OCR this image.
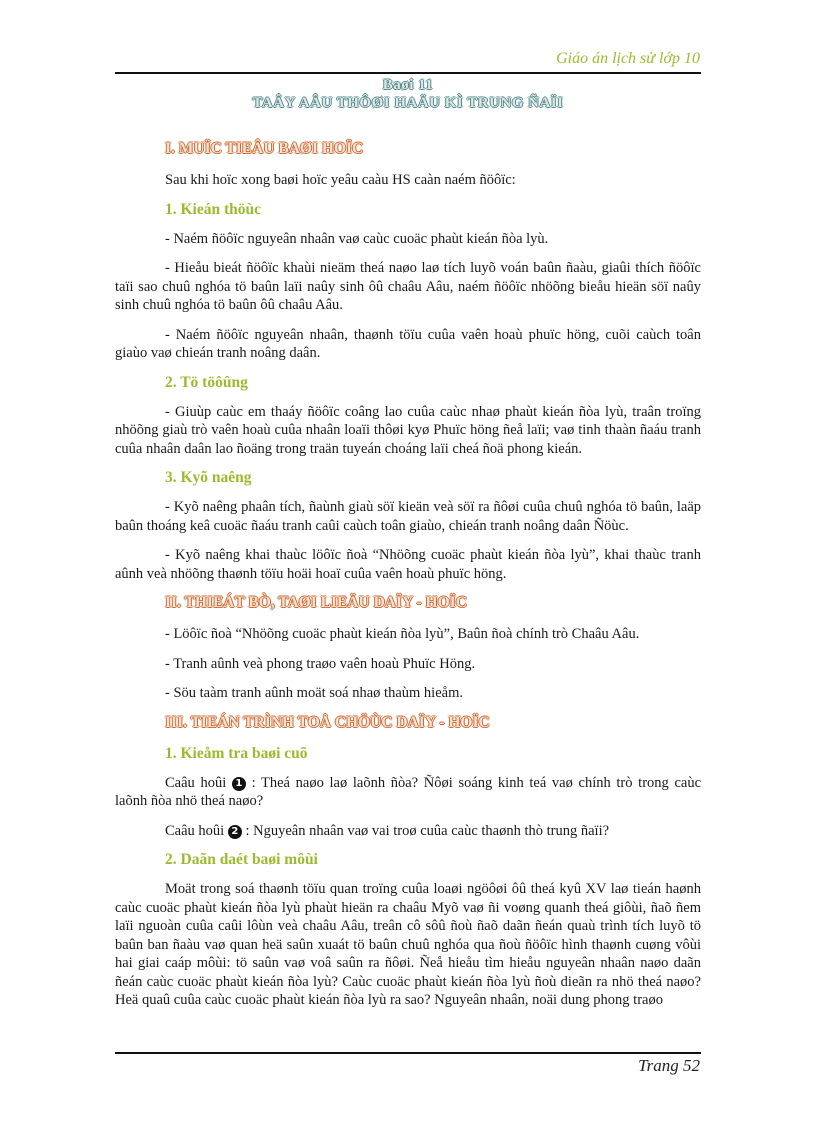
Giáo án lịch sử lớp 10
Baøi 11
TAÂY AÂU THÔØI HAÄU KÌ TRUNG ÑAÏI
I. MUÏC TIEÂU BAØI HOÏC

Sau khi hoïc xong baøi hoïc yeâu caàu HS caàn naém ñöôïc:

1. Kieán thöùc

- Naém ñöôïc nguyeân nhaân vaø caùc cuoäc phaùt kieán ñòa lyù.

- Hieåu bieát ñöôïc khaùi nieäm theá naøo laø tích luyõ voán baûn ñaàu, giaûi thích ñöôïc taïi sao chuû nghóa tö baûn laïi naûy sinh ôû chaâu Aâu, naém ñöôïc nhöõng bieåu hieän söï naûy sinh chuû nghóa tö baûn ôû chaâu Aâu.

- Naém ñöôïc nguyeân nhaân, thaønh töïu cuûa vaên hoaù phuïc höng, cuõi caùch toân giaùo vaø chieán tranh noâng daân.

2. Tö töôûng

- Giuùp caùc em thaáy ñöôïc coâng lao cuûa caùc nhaø phaùt kieán ñòa lyù, traân troïng nhöõng giaù trò vaên hoaù cuûa nhaân loaïi thôøi kyø Phuïc höng ñeå laïi; vaø tinh thaàn ñaáu tranh cuûa nhaân daân lao ñoäng trong traän tuyeán choáng laïi cheá ñoä phong kieán.

3. Kyõ naêng

- Kyõ naêng phaân tích, ñaùnh giaù söï kieän veà söï ra ñôøi cuûa chuû nghóa tö baûn, laäp baûn thoáng keâ cuoäc ñaáu tranh caûi caùch toân giaùo, chieán tranh noâng daân Ñöùc.

- Kyõ naêng khai thaùc löôïc ñoà “Nhöõng cuoäc phaùt kieán ñòa lyù”, khai thaùc tranh aûnh veà nhöõng thaønh töïu hoäi hoaï cuûa vaên hoaù phuïc höng.

II. THIEÁT BÒ, TAØI LIEÄU DAÏY - HOÏC

- Löôïc ñoà “Nhöõng cuoäc phaùt kieán ñòa lyù”, Baûn ñoà chính trò Chaâu Aâu.

- Tranh aûnh veà phong traøo vaên hoaù Phuïc Höng.

- Söu taàm tranh aûnh moät soá nhaø thaùm hieåm.

III. TIEÁN TRÌNH TOÅ CHÖÙC DAÏY - HOÏC
1. Kieåm tra baøi cuõ

Caâu hoûi 1 : Theá naøo laø laõnh ñòa? Ñôøi soáng kinh teá vaø chính trò trong caùc laõnh ñòa nhö theá naøo?

Caâu hoûi 2 : Nguyeân nhaân vaø vai troø cuûa caùc thaønh thò trung ñaïi?

2. Daãn daét baøi môùi

Moät trong soá thaønh töïu quan troïng cuûa loaøi ngöôøi ôû theá kyû XV laø tieán haønh caùc cuoäc phaùt kieán ñòa lyù phaùt hieän ra chaâu Myõ vaø ñi voøng quanh theá giôùi, ñaõ ñem laïi nguoàn cuûa caûi lôùn veà chaâu Aâu, treân cô sôû ñoù ñaõ daãn ñeán quaù trình tích luyõ tö baûn ban ñaàu vaø quan heä saûn xuaát tö baûn chuû nghóa qua ñoù ñöôïc hình thaønh cuøng vôùi hai giai caáp môùi: tö saûn vaø voâ saûn ra ñôøi. Ñeå hieåu tìm hieåu nguyeân nhaân naøo daãn ñeán caùc cuoäc phaùt kieán ñòa lyù? Caùc cuoäc phaùt kieán ñòa lyù ñoù dieãn ra nhö theá naøo? Heä quaû cuûa caùc cuoäc phaùt kieán ñòa lyù ra sao? Nguyeân nhaân, noäi dung phong traøo

Trang 52
